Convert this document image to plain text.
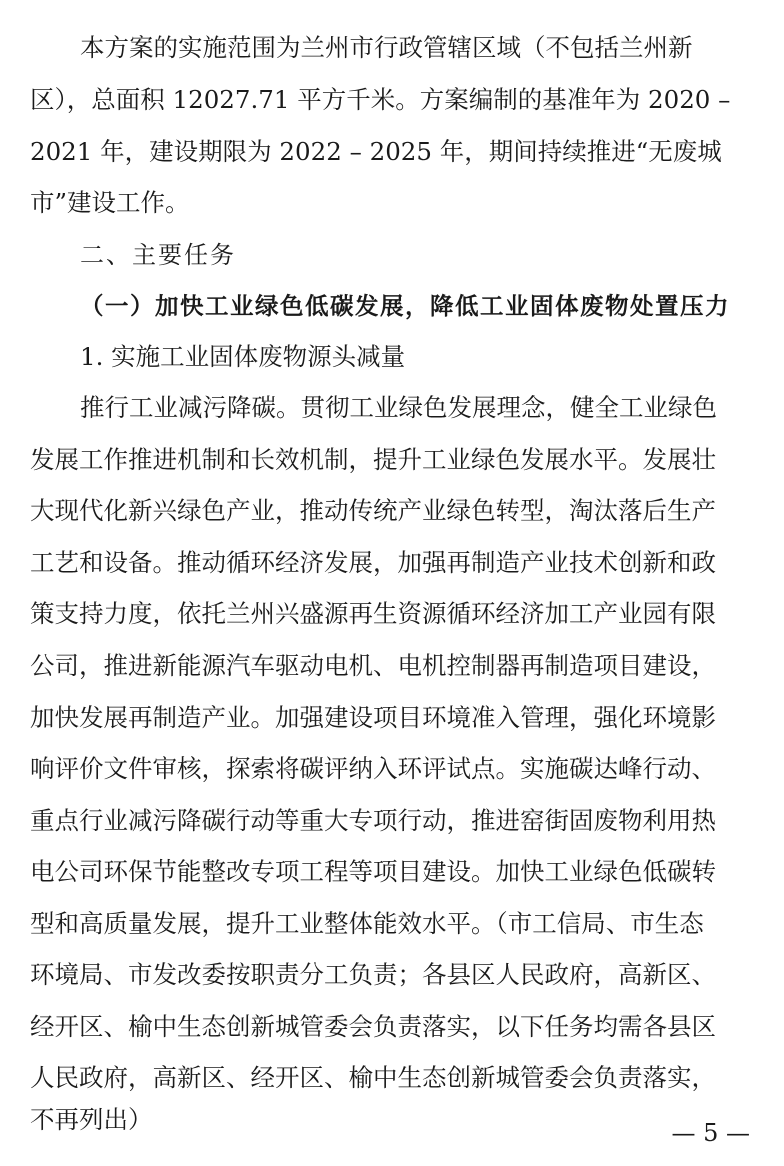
本方案的实施范围为兰州市行政管辖区域（不包括兰州新
区），总面积 12027.71 平方千米。方案编制的基准年为 2020 –
2021 年，建设期限为 2022 – 2025 年，期间持续推进“无废城
市”建设工作。
二、主要任务
（一）加快工业绿色低碳发展，降低工业固体废物处置压力
1. 实施工业固体废物源头减量
推行工业减污降碳。贯彻工业绿色发展理念，健全工业绿色
发展工作推进机制和长效机制，提升工业绿色发展水平。发展壮
大现代化新兴绿色产业，推动传统产业绿色转型，淘汰落后生产
工艺和设备。推动循环经济发展，加强再制造产业技术创新和政
策支持力度，依托兰州兴盛源再生资源循环经济加工产业园有限
公司，推进新能源汽车驱动电机、电机控制器再制造项目建设，
加快发展再制造产业。加强建设项目环境准入管理，强化环境影
响评价文件审核，探索将碳评纳入环评试点。实施碳达峰行动、
重点行业减污降碳行动等重大专项行动，推进窑街固废物利用热
电公司环保节能整改专项工程等项目建设。加快工业绿色低碳转
型和高质量发展，提升工业整体能效水平。（市工信局、市生态
环境局、市发改委按职责分工负责；各县区人民政府，高新区、
经开区、榆中生态创新城管委会负责落实，以下任务均需各县区
人民政府，高新区、经开区、榆中生态创新城管委会负责落实，
不再列出）	— 5 —
